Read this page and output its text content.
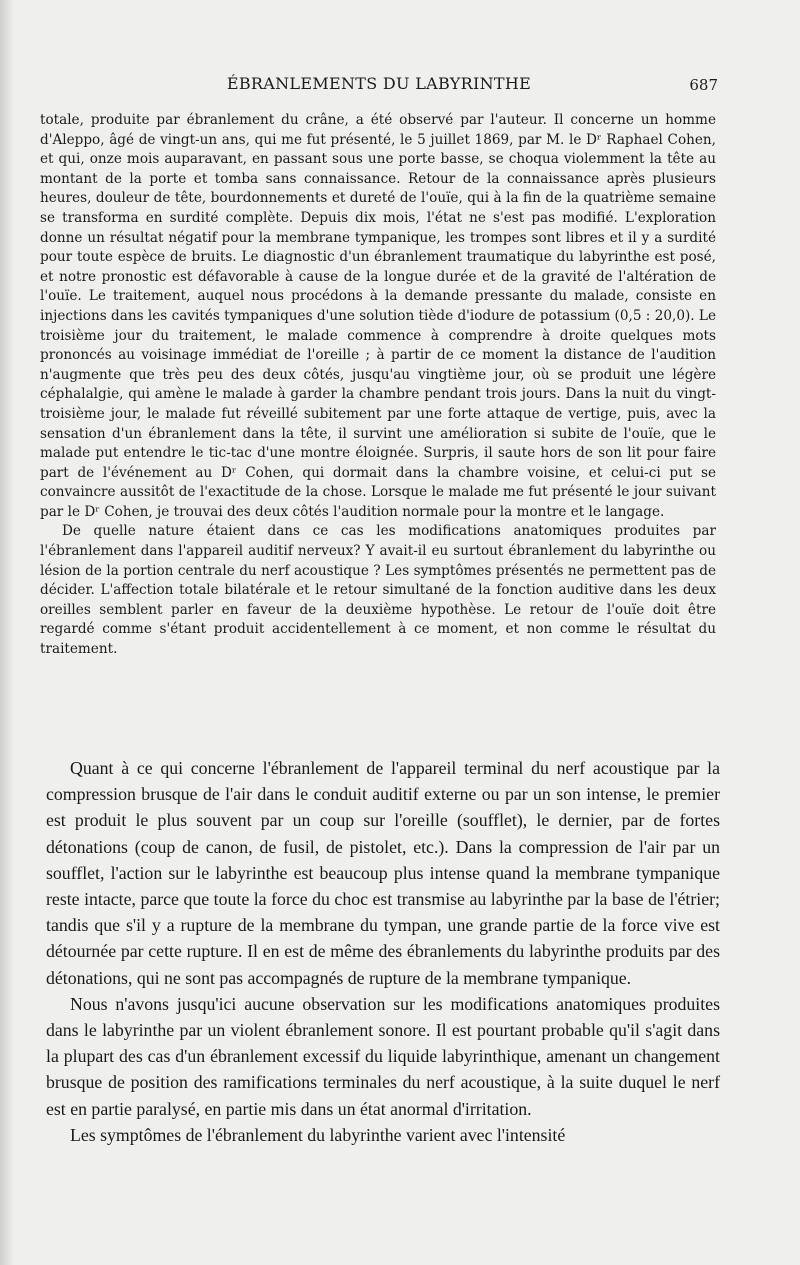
ÉBRANLEMENTS DU LABYRINTHE	687

totale, produite par ébranlement du crâne, a été observé par l'auteur. Il concerne un homme d'Aleppo, âgé de vingt-un ans, qui me fut présenté, le 5 juillet 1869, par M. le Dʳ Raphael Cohen, et qui, onze mois auparavant, en passant sous une porte basse, se choqua violemment la tête au montant de la porte et tomba sans connaissance. Retour de la connaissance après plusieurs heures, douleur de tête, bourdonnements et dureté de l'ouïe, qui à la fin de la quatrième semaine se transforma en surdité complète. Depuis dix mois, l'état ne s'est pas modifié. L'exploration donne un résultat négatif pour la membrane tympanique, les trompes sont libres et il y a surdité pour toute espèce de bruits. Le diagnostic d'un ébranlement traumatique du labyrinthe est posé, et notre pronostic est défavorable à cause de la longue durée et de la gravité de l'altération de l'ouïe. Le traitement, auquel nous procédons à la demande pressante du malade, consiste en injections dans les cavités tympaniques d'une solution tiède d'iodure de potassium (0,5 : 20,0). Le troisième jour du traitement, le malade commence à comprendre à droite quelques mots prononcés au voisinage immédiat de l'oreille ; à partir de ce moment la distance de l'audition n'augmente que très peu des deux côtés, jusqu'au vingtième jour, où se produit une légère céphalalgie, qui amène le malade à garder la chambre pendant trois jours. Dans la nuit du vingt-troisième jour, le malade fut réveillé subitement par une forte attaque de vertige, puis, avec la sensation d'un ébranlement dans la tête, il survint une amélioration si subite de l'ouïe, que le malade put entendre le tic-tac d'une montre éloignée. Surpris, il saute hors de son lit pour faire part de l'événement au Dʳ Cohen, qui dormait dans la chambre voisine, et celui-ci put se convaincre aussitôt de l'exactitude de la chose. Lorsque le malade me fut présenté le jour suivant par le Dʳ Cohen, je trouvai des deux côtés l'audition normale pour la montre et le langage.

De quelle nature étaient dans ce cas les modifications anatomiques produites par l'ébranlement dans l'appareil auditif nerveux? Y avait-il eu surtout ébranlement du labyrinthe ou lésion de la portion centrale du nerf acoustique ? Les symptômes présentés ne permettent pas de décider. L'affection totale bilatérale et le retour simultané de la fonction auditive dans les deux oreilles semblent parler en faveur de la deuxième hypothèse. Le retour de l'ouïe doit être regardé comme s'étant produit accidentellement à ce moment, et non comme le résultat du traitement.

Quant à ce qui concerne l'ébranlement de l'appareil terminal du nerf acoustique par la compression brusque de l'air dans le conduit auditif externe ou par un son intense, le premier est produit le plus souvent par un coup sur l'oreille (soufflet), le dernier, par de fortes détonations (coup de canon, de fusil, de pistolet, etc.). Dans la compression de l'air par un soufflet, l'action sur le labyrinthe est beaucoup plus intense quand la membrane tympanique reste intacte, parce que toute la force du choc est transmise au labyrinthe par la base de l'étrier; tandis que s'il y a rupture de la membrane du tympan, une grande partie de la force vive est détournée par cette rupture. Il en est de même des ébranlements du labyrinthe produits par des détonations, qui ne sont pas accompagnés de rupture de la membrane tympanique.

Nous n'avons jusqu'ici aucune observation sur les modifications anatomiques produites dans le labyrinthe par un violent ébranlement sonore. Il est pourtant probable qu'il s'agit dans la plupart des cas d'un ébranlement excessif du liquide labyrinthique, amenant un changement brusque de position des ramifications terminales du nerf acoustique, à la suite duquel le nerf est en partie paralysé, en partie mis dans un état anormal d'irritation.

Les symptômes de l'ébranlement du labyrinthe varient avec l'intensité
